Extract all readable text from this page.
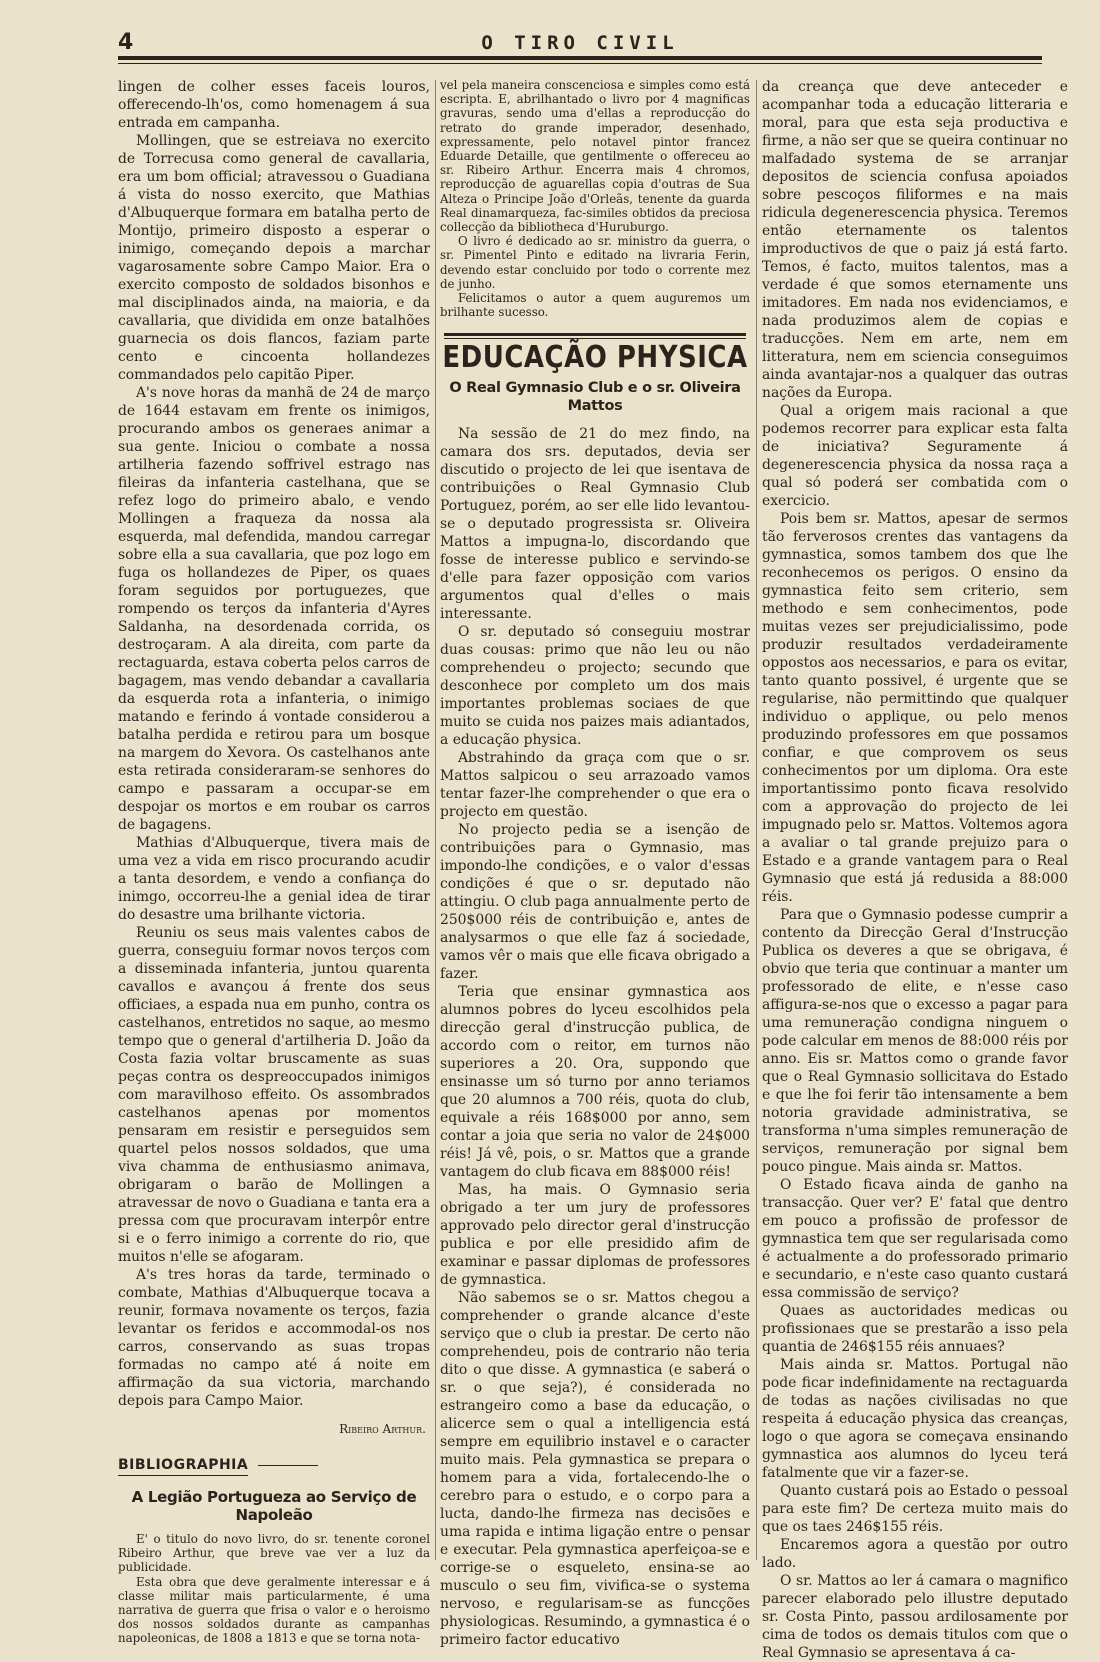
4	O TIRO CIVIL

lingen de colher esses faceis louros, offerecendo-lh'os, como homenagem á sua entrada em campanha.

Mollingen, que se estreiava no exercito de Torrecusa como general de cavallaria, era um bom official; atravessou o Guadiana á vista do nosso exercito, que Mathias d'Albuquerque formara em batalha perto de Montijo, primeiro disposto a esperar o inimigo, começando depois a marchar vagarosamente sobre Campo Maior. Era o exercito composto de soldados bisonhos e mal disciplinados ainda, na maioria, e da cavallaria, que dividida em onze batalhões guarnecia os dois flancos, faziam parte cento e cincoenta hollandezes commandados pelo capitão Piper.

A's nove horas da manhã de 24 de março de 1644 estavam em frente os inimigos, procurando ambos os generaes animar a sua gente. Iniciou o combate a nossa artilheria fazendo soffrivel estrago nas fileiras da infanteria castelhana, que se refez logo do primeiro abalo, e vendo Mollingen a fraqueza da nossa ala esquerda, mal defendida, mandou carregar sobre ella a sua cavallaria, que poz logo em fuga os hollandezes de Piper, os quaes foram seguidos por portuguezes, que rompendo os terços da infanteria d'Ayres Saldanha, na desordenada corrida, os destroçaram. A ala direita, com parte da rectaguarda, estava coberta pelos carros de bagagem, mas vendo debandar a cavallaria da esquerda rota a infanteria, o inimigo matando e ferindo á vontade considerou a batalha perdida e retirou para um bosque na margem do Xevora. Os castelhanos ante esta retirada consideraram-se senhores do campo e passaram a occupar-se em despojar os mortos e em roubar os carros de bagagens.

Mathias d'Albuquerque, tivera mais de uma vez a vida em risco procurando acudir a tanta desordem, e vendo a confiança do inimgo, occorreu-lhe a genial idea de tirar do desastre uma brilhante victoria.

Reuniu os seus mais valentes cabos de guerra, conseguiu formar novos terços com a disseminada infanteria, juntou quarenta cavallos e avançou á frente dos seus officiaes, a espada nua em punho, contra os castelhanos, entretidos no saque, ao mesmo tempo que o general d'artilheria D. João da Costa fazia voltar bruscamente as suas peças contra os despreoccupados inimigos com maravilhoso effeito. Os assombrados castelhanos apenas por momentos pensaram em resistir e perseguidos sem quartel pelos nossos soldados, que uma viva chamma de enthusiasmo animava, obrigaram o barão de Mollingen a atravessar de novo o Guadiana e tanta era a pressa com que procuravam interpôr entre si e o ferro inimigo a corrente do rio, que muitos n'elle se afogaram.

A's tres horas da tarde, terminado o combate, Mathias d'Albuquerque tocava a reunir, formava novamente os terços, fazia levantar os feridos e accommodal-os nos carros, conservando as suas tropas formadas no campo até á noite em affirmação da sua victoria, marchando depois para Campo Maior.

Ribeiro Arthur.
BIBLIOGRAPHIA
A Legião Portugueza ao Serviço de Napoleão

E' o titulo do novo livro, do sr. tenente coronel Ribeiro Arthur, que breve vae ver a luz da publicidade.

Esta obra que deve geralmente interessar e á classe militar mais particularmente, é uma narrativa de guerra que frisa o valor e o heroismo dos nossos soldados durante as campanhas napoleonicas, de 1808 a 1813 e que se torna nota-

vel pela maneira conscenciosa e simples como está escripta. E, abrilhantado o livro por 4 magnificas gravuras, sendo uma d'ellas a reproducção do retrato do grande imperador, desenhado, expressamente, pelo notavel pintor francez Eduarde Detaille, que gentilmente o offereceu ao sr. Ribeiro Arthur. Encerra mais 4 chromos, reproducção de aguarellas copia d'outras de Sua Alteza o Principe João d'Orleãs, tenente da guarda Real dinamarqueza, fac-similes obtidos da preciosa collecção da bibliotheca d'Huruburgo.

O livro é dedicado ao sr. ministro da guerra, o sr. Pimentel Pinto e editado na livraria Ferin, devendo estar concluido por todo o corrente mez de junho.

Felicitamos o autor a quem auguremos um brilhante sucesso.

EDUCAÇÃO PHYSICA
O Real Gymnasio Club e o sr. Oliveira Mattos

Na sessão de 21 do mez findo, na camara dos srs. deputados, devia ser discutido o projecto de lei que isentava de contribuições o Real Gymnasio Club Portuguez, porém, ao ser elle lido levantou-se o deputado progressista sr. Oliveira Mattos a impugna-lo, discordando que fosse de interesse publico e servindo-se d'elle para fazer opposição com varios argumentos qual d'elles o mais interessante.

O sr. deputado só conseguiu mostrar duas cousas: primo que não leu ou não comprehendeu o projecto; secundo que desconhece por completo um dos mais importantes problemas sociaes de que muito se cuida nos paizes mais adiantados, a educação physica.

Abstrahindo da graça com que o sr. Mattos salpicou o seu arrazoado vamos tentar fazer-lhe comprehender o que era o projecto em questão.

No projecto pedia se a isenção de contribuições para o Gymnasio, mas impondo-lhe condições, e o valor d'essas condições é que o sr. deputado não attingiu. O club paga annualmente perto de 250$000 réis de contribuição e, antes de analysarmos o que elle faz á sociedade, vamos vêr o mais que elle ficava obrigado a fazer.

Teria que ensinar gymnastica aos alumnos pobres do lyceu escolhidos pela direcção geral d'instrucção publica, de accordo com o reitor, em turnos não superiores a 20. Ora, suppondo que ensinasse um só turno por anno teriamos que 20 alumnos a 700 réis, quota do club, equivale a réis 168$000 por anno, sem contar a joia que seria no valor de 24$000 réis! Já vê, pois, o sr. Mattos que a grande vantagem do club ficava em 88$000 réis!

Mas, ha mais. O Gymnasio seria obrigado a ter um jury de professores approvado pelo director geral d'instrucção publica e por elle presidido afim de examinar e passar diplomas de professores de gymnastica.

Não sabemos se o sr. Mattos chegou a comprehender o grande alcance d'este serviço que o club ia prestar. De certo não comprehendeu, pois de contrario não teria dito o que disse. A gymnastica (e saberá o sr. o que seja?), é considerada no estrangeiro como a base da educação, o alicerce sem o qual a intelligencia está sempre em equilibrio instavel e o caracter muito mais. Pela gymnastica se prepara o homem para a vida, fortalecendo-lhe o cerebro para o estudo, e o corpo para a lucta, dando-lhe firmeza nas decisões e uma rapida e intima ligação entre o pensar e executar. Pela gymnastica aperfeiçoa-se e corrige-se o esqueleto, ensina-se ao musculo o seu fim, vivifica-se o systema nervoso, e regularisam-se as funcções physiologicas. Resumindo, a gymnastica é o primeiro factor educativo

da creança que deve anteceder e acompanhar toda a educação litteraria e moral, para que esta seja productiva e firme, a não ser que se queira continuar no malfadado systema de se arranjar depositos de sciencia confusa apoiados sobre pescoços filiformes e na mais ridicula degenerescencia physica. Teremos então eternamente os talentos improductivos de que o paiz já está farto. Temos, é facto, muitos talentos, mas a verdade é que somos eternamente uns imitadores. Em nada nos evidenciamos, e nada produzimos alem de copias e traducções. Nem em arte, nem em litteratura, nem em sciencia conseguimos ainda avantajar-nos a qualquer das outras nações da Europa.

Qual a origem mais racional a que podemos recorrer para explicar esta falta de iniciativa? Seguramente á degenerescencia physica da nossa raça a qual só poderá ser combatida com o exercicio.

Pois bem sr. Mattos, apesar de sermos tão ferverosos crentes das vantagens da gymnastica, somos tambem dos que lhe reconhecemos os perigos. O ensino da gymnastica feito sem criterio, sem methodo e sem conhecimentos, pode muitas vezes ser prejudicialissimo, pode produzir resultados verdadeiramente oppostos aos necessarios, e para os evitar, tanto quanto possivel, é urgente que se regularise, não permittindo que qualquer individuo o applique, ou pelo menos produzindo professores em que possamos confiar, e que comprovem os seus conhecimentos por um diploma. Ora este importantissimo ponto ficava resolvido com a approvação do projecto de lei impugnado pelo sr. Mattos. Voltemos agora a avaliar o tal grande prejuizo para o Estado e a grande vantagem para o Real Gymnasio que está já redusida a 88:000 réis.

Para que o Gymnasio podesse cumprir a contento da Direcção Geral d'Instrucção Publica os deveres a que se obrigava, é obvio que teria que continuar a manter um professorado de elite, e n'esse caso affigura-se-nos que o excesso a pagar para uma remuneração condigna ninguem o pode calcular em menos de 88:000 réis por anno. Eis sr. Mattos como o grande favor que o Real Gymnasio sollicitava do Estado e que lhe foi ferir tão intensamente a bem notoria gravidade administrativa, se transforma n'uma simples remuneração de serviços, remuneração por signal bem pouco pingue. Mais ainda sr. Mattos.

O Estado ficava ainda de ganho na transacção. Quer ver? E' fatal que dentro em pouco a profissão de professor de gymnastica tem que ser regularisada como é actualmente a do professorado primario e secundario, e n'este caso quanto custará essa commissão de serviço?

Quaes as auctoridades medicas ou profissionaes que se prestarão a isso pela quantia de 246$155 réis annuaes?

Mais ainda sr. Mattos. Portugal não pode ficar indefinidamente na rectaguarda de todas as nações civilisadas no que respeita á educação physica das creanças, logo o que agora se começava ensinando gymnastica aos alumnos do lyceu terá fatalmente que vir a fazer-se.

Quanto custará pois ao Estado o pessoal para este fim? De certeza muito mais do que os taes 246$155 réis.

Encaremos agora a questão por outro lado.

O sr. Mattos ao ler á camara o magnifico parecer elaborado pelo illustre deputado sr. Costa Pinto, passou ardilosamente por cima de todos os demais titulos com que o Real Gymnasio se apresentava á ca-
